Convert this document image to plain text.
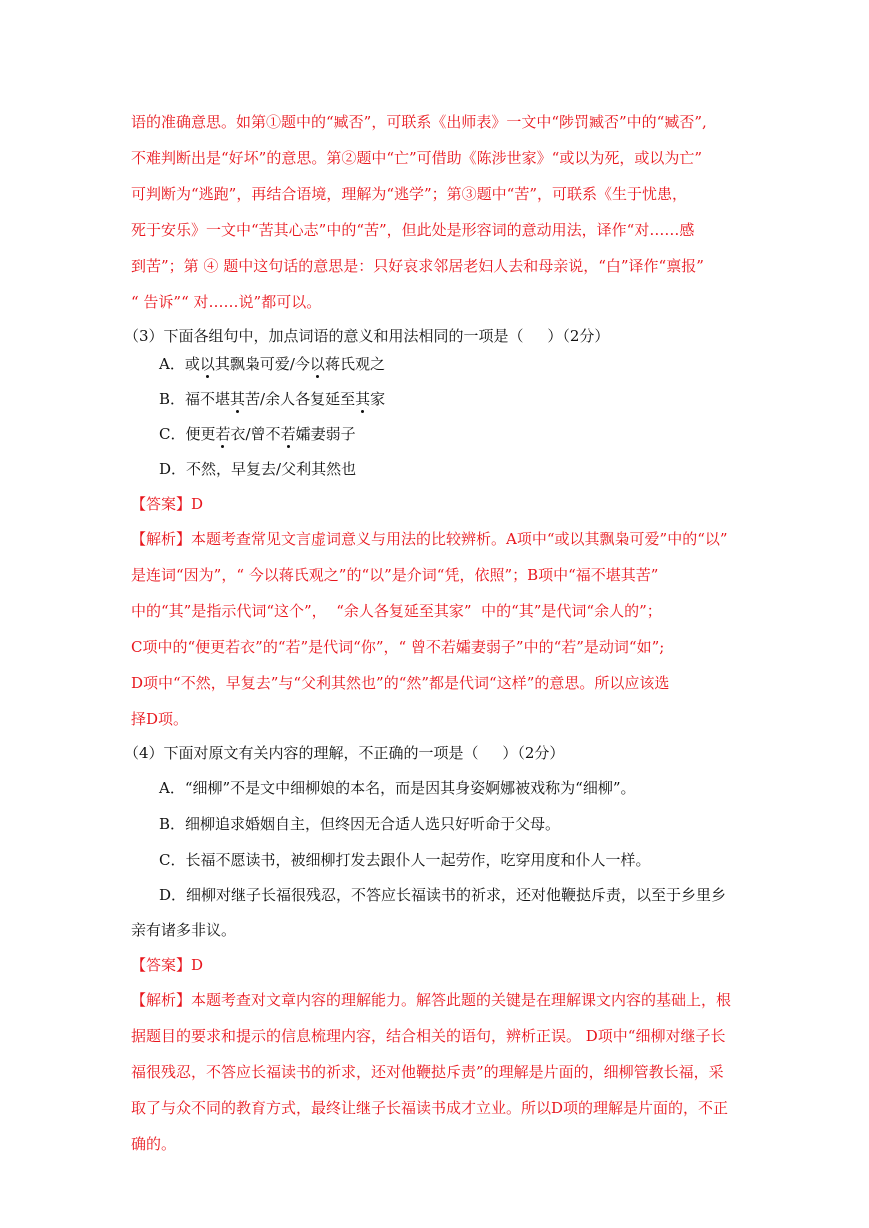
语的准确意思。如第①题中的“臧否”，可联系《出师表》一文中“陟罚臧否”中的“臧否”,
不难判断出是“好坏”的意思。第②题中“亡”可借助《陈涉世家》“或以为死，或以为亡”
可判断为“逃跑”，再结合语境，理解为“逃学”；第③题中“苦”，可联系《生于忧患，
死于安乐》一文中“苦其心志”中的“苦”，但此处是形容词的意动用法，译作“对……感
到苦”；第 ④ 题中这句话的意思是：只好哀求邻居老妇人去和母亲说，“白”译作“禀报”
“ 告诉”“ 对……说”都可以。
（3）下面各组句中，加点词语的意义和用法相同的一项是（     ）（2分）
A．或以其飘枭可爱/今以蒋氏观之
B．福不堪其苦/余人各复延至其家
C．便更若衣/曾不若孀妻弱子
D．不然，早复去/父利其然也
【答案】D
【解析】本题考查常见文言虚词意义与用法的比较辨析。A项中“或以其飘枭可爱”中的“以”
是连词“因为”，“ 今以蒋氏观之”的“以”是介词“凭，依照”；B项中“福不堪其苦”
中的“其”是指示代词“这个”，  “余人各复延至其家”  中的“其”是代词“余人的”；
C项中的“便更若衣”的“若”是代词“你”，“ 曾不若孀妻弱子”中的“若”是动词“如”;
D项中“不然，早复去”与“父利其然也”的“然”都是代词“这样”的意思。所以应该选
择D项。
（4）下面对原文有关内容的理解，不正确的一项是（     ）（2分）
A．“细柳”不是文中细柳娘的本名，而是因其身姿婀娜被戏称为“细柳”。
B．细柳追求婚姻自主，但终因无合适人选只好听命于父母。
C．长福不愿读书，被细柳打发去跟仆人一起劳作，吃穿用度和仆人一样。
D．细柳对继子长福很残忍，不答应长福读书的祈求，还对他鞭挞斥责，以至于乡里乡
亲有诸多非议。
【答案】D
【解析】本题考查对文章内容的理解能力。解答此题的关键是在理解课文内容的基础上，根
据题目的要求和提示的信息梳理内容，结合相关的语句，辨析正误。 D项中“细柳对继子长
福很残忍，不答应长福读书的祈求，还对他鞭挞斥责”的理解是片面的，细柳管教长福，采
取了与众不同的教育方式，最终让继子长福读书成才立业。所以D项的理解是片面的，不正
确的。
